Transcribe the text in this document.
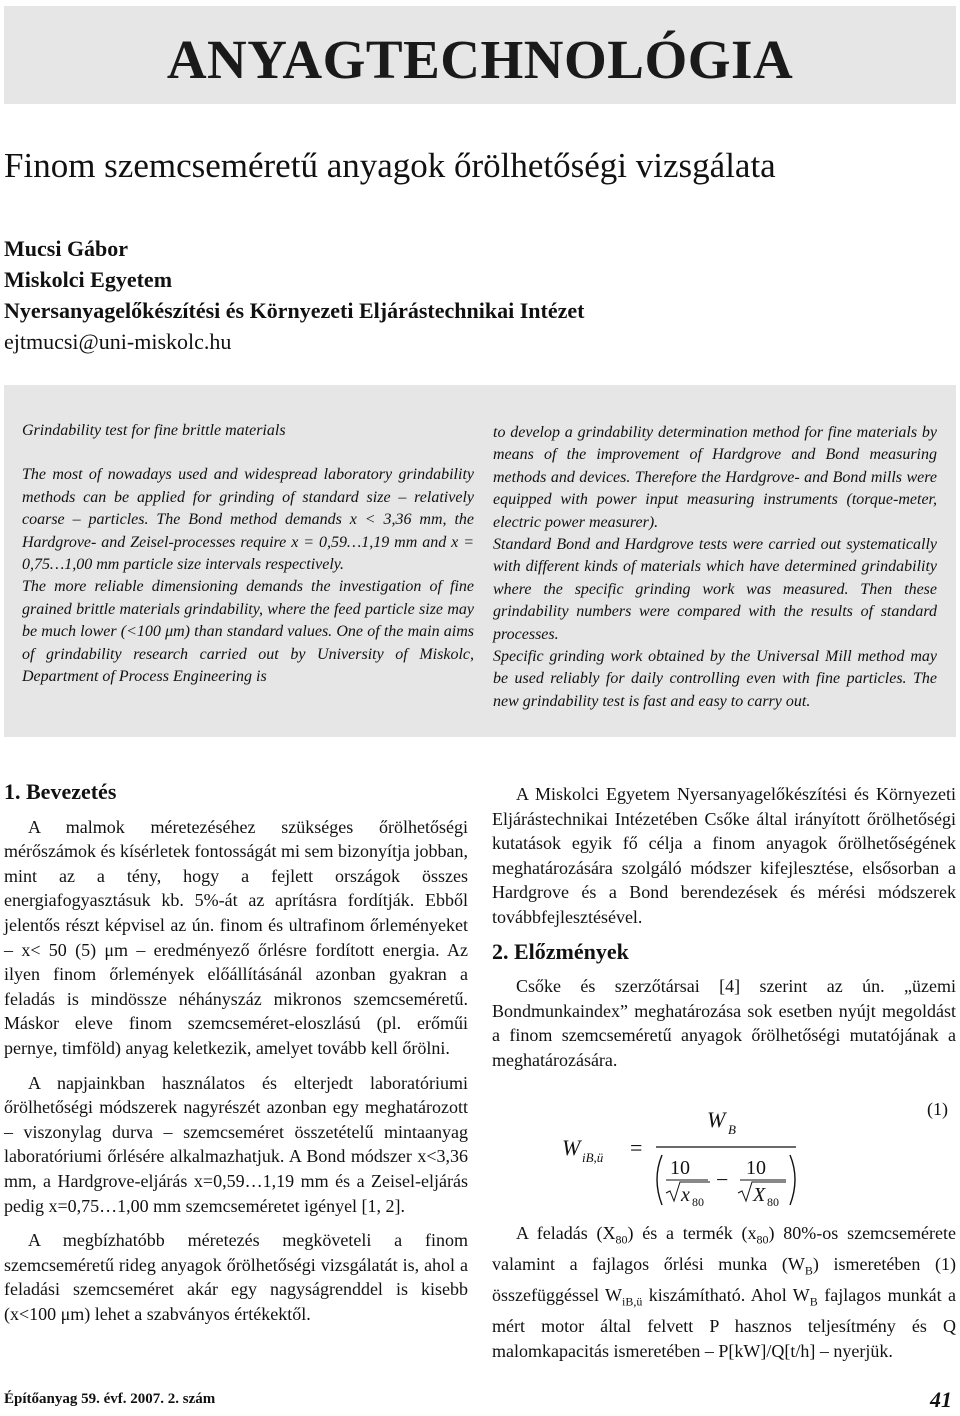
ANYAGTECHNOLÓGIA
Finom szemcseméretű anyagok őrölhetőségi vizsgálata
Mucsi Gábor
Miskolci Egyetem
Nyersanyagelőkészítési és Környezeti Eljárástechnikai Intézet
ejtmucsi@uni-miskolc.hu

Grindability test for fine brittle materials

The most of nowadays used and widespread laboratory grindability methods can be applied for grinding of standard size – relatively coarse – particles. The Bond method demands x < 3,36 mm, the Hardgrove- and Zeisel-processes require x = 0,59…1,19 mm and x = 0,75…1,00 mm particle size intervals respectively.

The more reliable dimensioning demands the investigation of fine grained brittle materials grindability, where the feed particle size may be much lower (<100 μm) than standard values. One of the main aims of grindability research carried out by University of Miskolc, Department of Process Engineering is

to develop a grindability determination method for fine materials by means of the improvement of Hardgrove and Bond measuring methods and devices. Therefore the Hardgrove- and Bond mills were equipped with power input measuring instruments (torque-meter, electric power measurer).

Standard Bond and Hardgrove tests were carried out systematically with different kinds of materials which have determined grindability where the specific grinding work was measured. Then these grindability numbers were compared with the results of standard processes.

Specific grinding work obtained by the Universal Mill method may be used reliably for daily controlling even with fine particles. The new grindability test is fast and easy to carry out.

1. Bevezetés

A malmok méretezéséhez szükséges őrölhetőségi mérőszámok és kísérletek fontosságát mi sem bizonyítja jobban, mint az a tény, hogy a fejlett országok összes energiafogyasztásuk kb. 5%-át az aprításra fordítják. Ebből jelentős részt képvisel az ún. finom és ultrafinom őrleményeket – x< 50 (5) μm – eredményező őrlésre fordított energia. Az ilyen finom őrlemények előállításánál azonban gyakran a feladás is mindössze néhányszáz mikronos szemcseméretű. Máskor eleve finom szemcseméret-eloszlású (pl. erőműi pernye, timföld) anyag keletkezik, amelyet tovább kell őrölni.

A napjainkban használatos és elterjedt laboratóriumi őrölhetőségi módszerek nagyrészét azonban egy meghatározott – viszonylag durva – szemcseméret összetételű mintaanyag laboratóriumi őrlésére alkalmazhatjuk. A Bond módszer x<3,36 mm, a Hardgrove-eljárás x=0,59…1,19 mm és a Zeisel-eljárás pedig x=0,75…1,00 mm szemcseméretet igényel [1, 2].

A megbízhatóbb méretezés megköveteli a finom szemcseméretű rideg anyagok őrölhetőségi vizsgálatát is, ahol a feladási szemcseméret akár egy nagyságrenddel is kisebb (x<100 μm) lehet a szabványos értékektől.

A Miskolci Egyetem Nyersanyagelőkészítési és Környezeti Eljárástechnikai Intézetében Csőke által irányított őrölhetőségi kutatások egyik fő célja a finom anyagok őrölhetőségének meghatározására szolgáló módszer kifejlesztése, elsősorban a Hardgrove és a Bond berendezések és mérési módszerek továbbfejlesztésével.

2. Előzmények

Csőke és szerzőtársai [4] szerint az ún. „üzemi Bondmunkaindex” meghatározása sok esetben nyújt megoldást a finom szemcseméretű anyagok őrölhetőségi mutatójának a meghatározására.

W iB,ü =
W B
10
x 80
− 10
X 80
(1)

A feladás $(X_{80})$ és a termék $(x_{80})$ 80%-os szemcsemérete valamint a fajlagos őrlési munka $(W_B)$ ismeretében (1) összefüggéssel $W_{iB,ü}$ kiszámítható. Ahol $W_B$ fajlagos munkát a mért motor által felvett P hasznos teljesítmény és Q malomkapacitás ismeretében – P[kW]/Q[t/h] – nyerjük.

Építőanyag 59. évf. 2007. 2. szám	41
